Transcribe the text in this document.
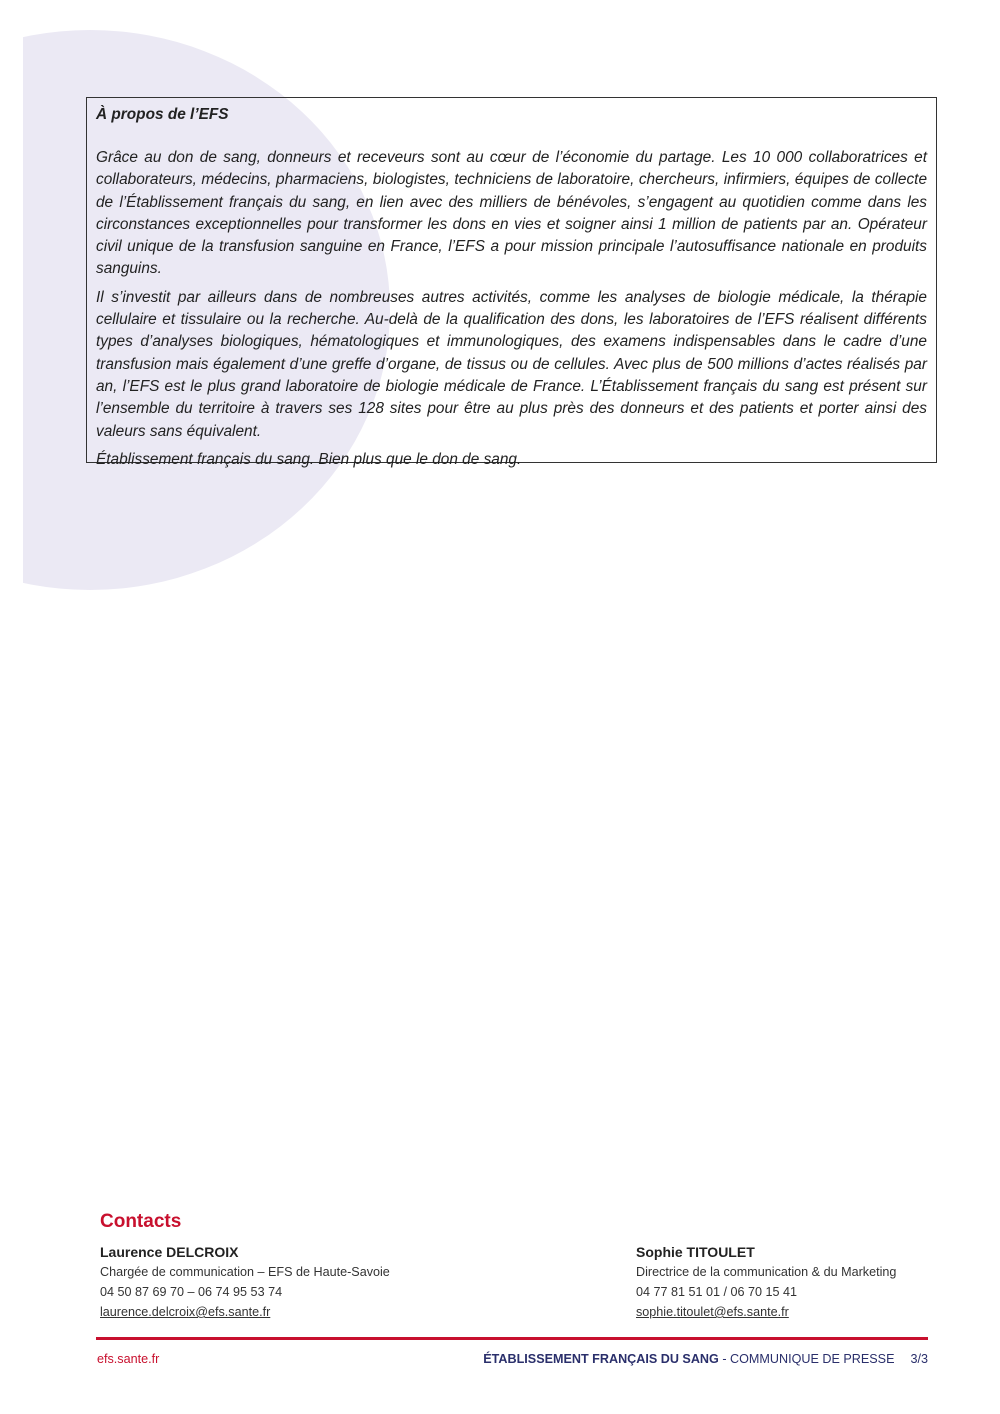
À propos de l’EFS

Grâce au don de sang, donneurs et receveurs sont au cœur de l’économie du partage. Les 10 000 collaboratrices et collaborateurs, médecins, pharmaciens, biologistes, techniciens de laboratoire, chercheurs, infirmiers, équipes de collecte de l’Établissement français du sang, en lien avec des milliers de bénévoles, s’engagent au quotidien comme dans les circonstances exceptionnelles pour transformer les dons en vies et soigner ainsi 1 million de patients par an. Opérateur civil unique de la transfusion sanguine en France, l’EFS a pour mission principale l’autosuffisance nationale en produits sanguins.

Il s’investit par ailleurs dans de nombreuses autres activités, comme les analyses de biologie médicale, la thérapie cellulaire et tissulaire ou la recherche. Au-delà de la qualification des dons, les laboratoires de l’EFS réalisent différents types d’analyses biologiques, hématologiques et immunologiques, des examens indispensables dans le cadre d’une transfusion mais également d’une greffe d’organe, de tissus ou de cellules. Avec plus de 500 millions d’actes réalisés par an, l’EFS est le plus grand laboratoire de biologie médicale de France. L’Établissement français du sang est présent sur l’ensemble du territoire à travers ses 128 sites pour être au plus près des donneurs et des patients et porter ainsi des valeurs sans équivalent.

Établissement français du sang. Bien plus que le don de sang.

Contacts
Laurence DELCROIX
Chargée de communication – EFS de Haute-Savoie
04 50 87 69 70 – 06 74 95 53 74
laurence.delcroix@efs.sante.fr
Sophie TITOULET
Directrice de la communication & du Marketing
04 77 81 51 01 / 06 70 15 41
sophie.titoulet@efs.sante.fr
efs.sante.fr	ÉTABLISSEMENT FRANÇAIS DU SANG - COMMUNIQUE DE PRESSE 3/3
